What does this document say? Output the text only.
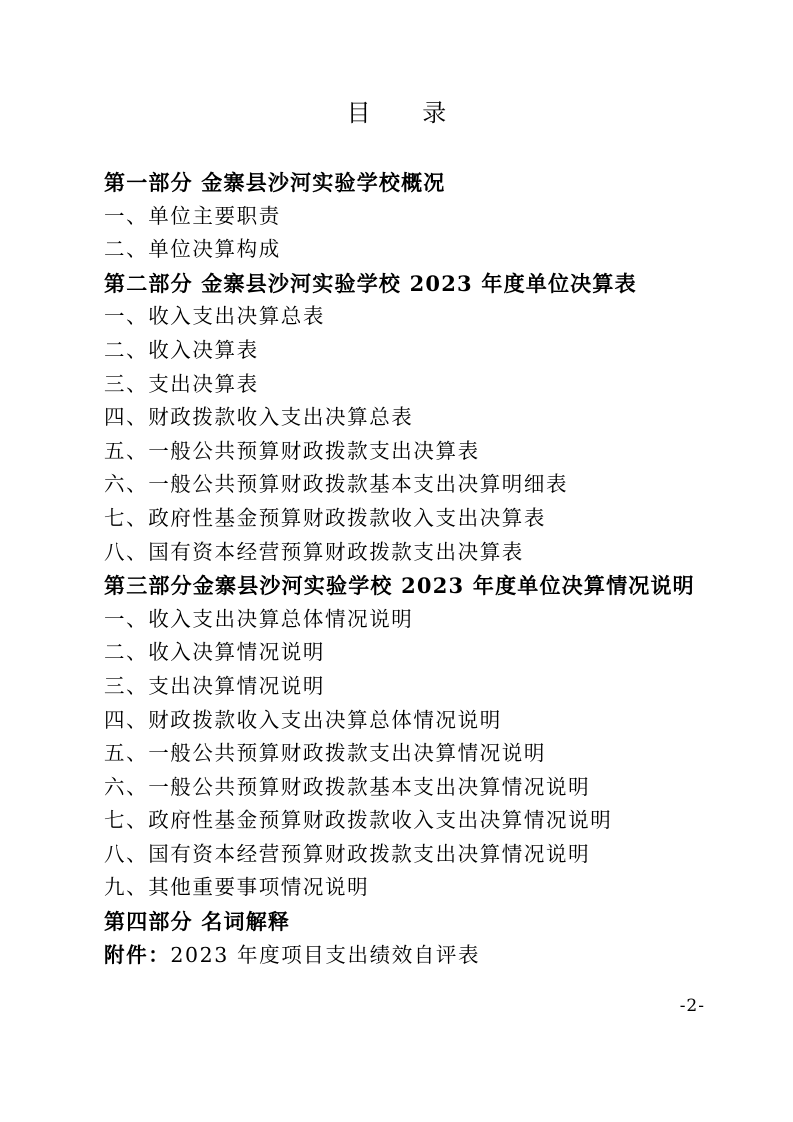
目 录
第一部分 金寨县沙河实验学校概况
一、单位主要职责
二、单位决算构成
第二部分 金寨县沙河实验学校 2023 年度单位决算表
一、收入支出决算总表
二、收入决算表
三、支出决算表
四、财政拨款收入支出决算总表
五、一般公共预算财政拨款支出决算表
六、一般公共预算财政拨款基本支出决算明细表
七、政府性基金预算财政拨款收入支出决算表
八、国有资本经营预算财政拨款支出决算表
第三部分金寨县沙河实验学校 2023 年度单位决算情况说明
一、收入支出决算总体情况说明
二、收入决算情况说明
三、支出决算情况说明
四、财政拨款收入支出决算总体情况说明
五、一般公共预算财政拨款支出决算情况说明
六、一般公共预算财政拨款基本支出决算情况说明
七、政府性基金预算财政拨款收入支出决算情况说明
八、国有资本经营预算财政拨款支出决算情况说明
九、其他重要事项情况说明
第四部分 名词解释
附件：2023 年度项目支出绩效自评表
-2-
